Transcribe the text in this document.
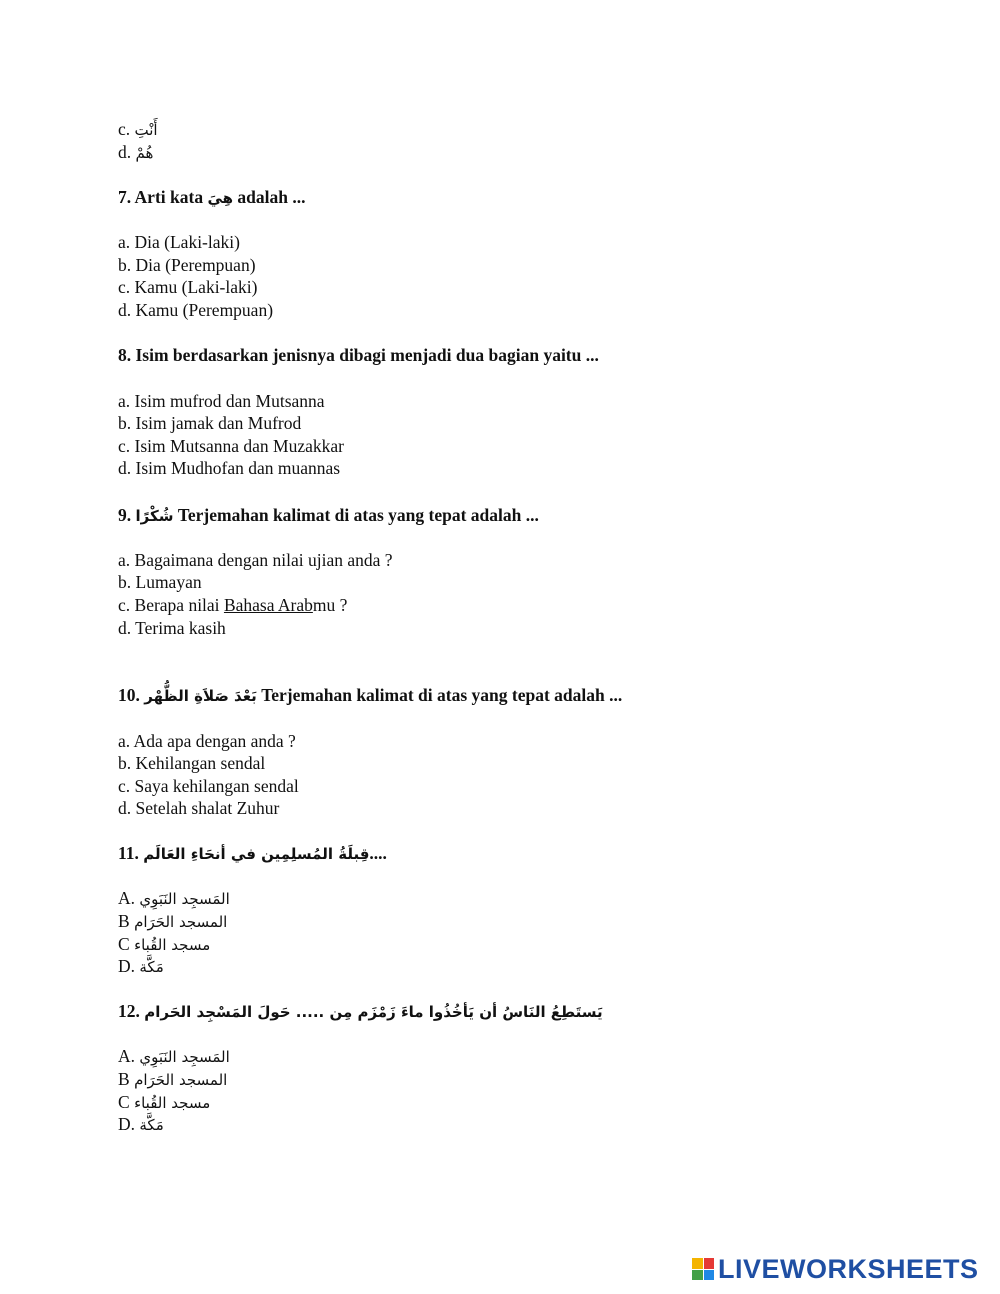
c. أَنْتِ
d. هُمْ
7. Arti kata هِيَ adalah ...
a. Dia (Laki-laki)
b. Dia (Perempuan)
c. Kamu (Laki-laki)
d. Kamu (Perempuan)
8. Isim berdasarkan jenisnya dibagi menjadi dua bagian yaitu ...
a. Isim mufrod dan Mutsanna
b. Isim jamak dan Mufrod
c. Isim Mutsanna dan Muzakkar
d. Isim Mudhofan dan muannas
9. شُكْرًا Terjemahan kalimat di atas yang tepat adalah ...
a. Bagaimana dengan nilai ujian anda ?
b. Lumayan
c. Berapa nilai Bahasa Arabmu ?
d. Terima kasih
10. بَعْدَ صَلاَةِ الظُّهْر Terjemahan kalimat di atas yang tepat adalah ...
a. Ada apa dengan anda ?
b. Kehilangan sendal
c. Saya kehilangan sendal
d. Setelah shalat Zuhur
11. قِبلَةُ المُسلِمِين في أنحَاءِ العَالَم....
A. المَسجِد النَبَوِي
B المسجد الحَرَام
C مسجد القُباء
D. مَكَّة
12. يَستَطِعُ النَاسُ أن يَأخُذُوا ماءَ زَمْزَم مِن ..... حَولَ المَسْجِد الحَرام
A. المَسجِد النَبَوِي
B المسجد الحَرَام
C مسجد القُباء
D. مَكَّة
LIVEWORKSHEETS
